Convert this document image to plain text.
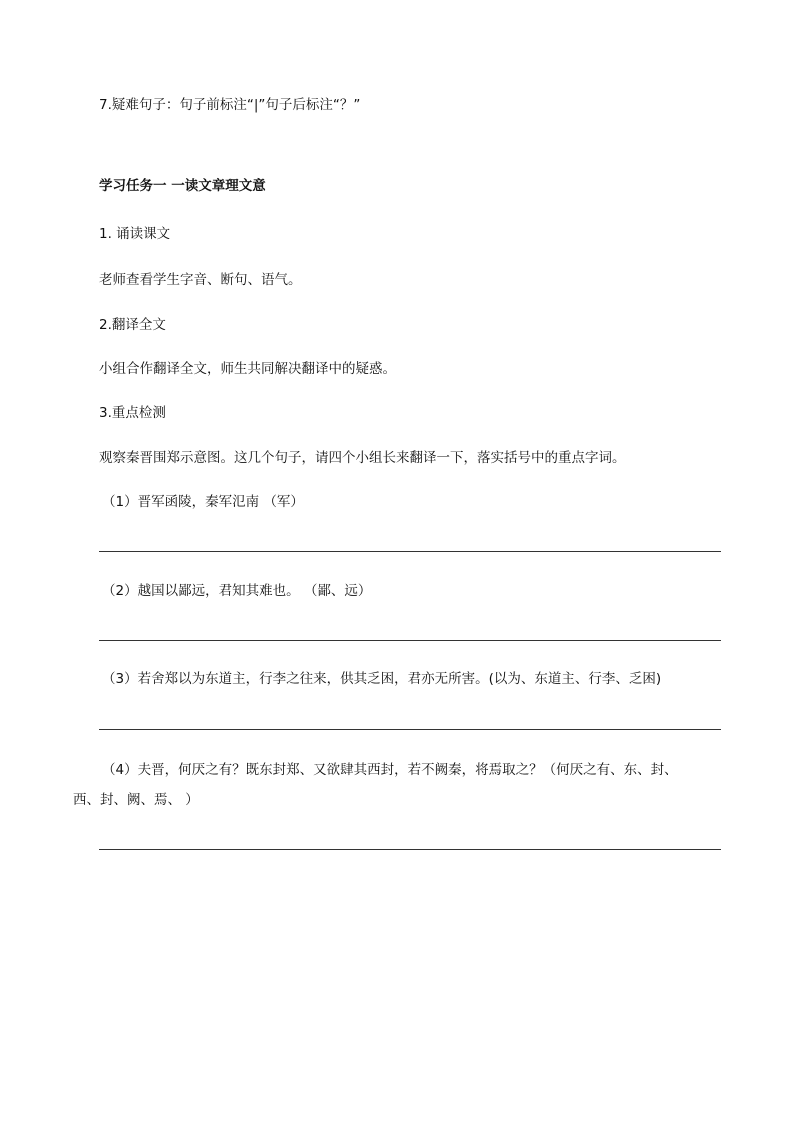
7.疑难句子：句子前标注“|”句子后标注“？”
学习任务一 一读文章理文意
1. 诵读课文
老师查看学生字音、断句、语气。
2.翻译全文
小组合作翻译全文，师生共同解决翻译中的疑惑。
3.重点检测
观察秦晋围郑示意图。这几个句子，请四个小组长来翻译一下，落实括号中的重点字词。
（1）晋军函陵，秦军氾南 （军）
（2）越国以鄙远，君知其难也。 （鄙、远）
（3）若舍郑以为东道主，行李之往来，供其乏困，君亦无所害。(以为、东道主、行李、乏困)
（4）夫晋，何厌之有？既东封郑、又欲肆其西封，若不阙秦，将焉取之？（何厌之有、东、封、
西、封、阙、焉、 ）
